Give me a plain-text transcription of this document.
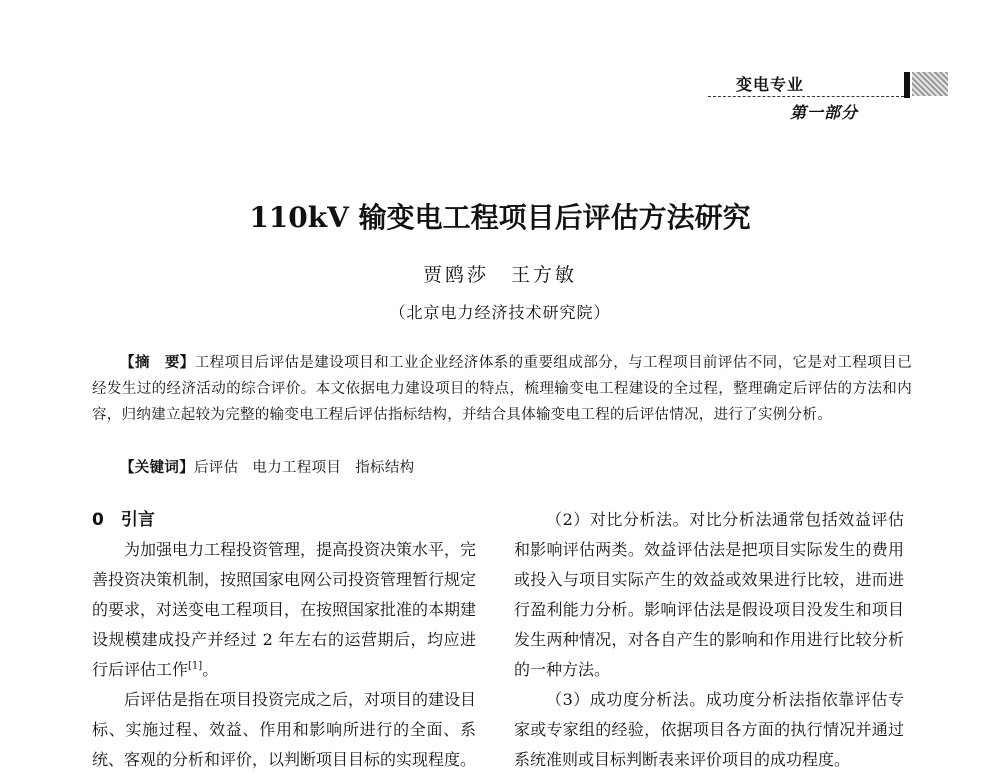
变电专业
第一部分
110kV 输变电工程项目后评估方法研究
贾鸥莎　王方敏
（北京电力经济技术研究院）
【摘　要】工程项目后评估是建设项目和工业企业经济体系的重要组成部分，与工程项目前评估不同，它是对工程项目已经发生过的经济活动的综合评价。本文依据电力建设项目的特点，梳理输变电工程建设的全过程，整理确定后评估的方法和内容，归纳建立起较为完整的输变电工程后评估指标结构，并结合具体输变电工程的后评估情况，进行了实例分析。
【关键词】后评估 电力工程项目 指标结构
0　引言

为加强电力工程投资管理，提高投资决策水平，完善投资决策机制，按照国家电网公司投资管理暂行规定的要求，对送变电工程项目，在按照国家批准的本期建设规模建成投产并经过 2 年左右的运营期后，均应进行后评估工作[1]。

后评估是指在项目投资完成之后，对项目的建设目标、实施过程、效益、作用和影响所进行的全面、系统、客观的分析和评价，以判断项目目标的实现程度。

（2）对比分析法。对比分析法通常包括效益评估和影响评估两类。效益评估法是把项目实际发生的费用或投入与项目实际产生的效益或效果进行比较，进而进行盈利能力分析。影响评估法是假设项目没发生和项目发生两种情况，对各自产生的影响和作用进行比较分析的一种方法。

（3）成功度分析法。成功度分析法指依靠评估专家或专家组的经验，依据项目各方面的执行情况并通过系统准则或目标判断表来评价项目的成功程度。
